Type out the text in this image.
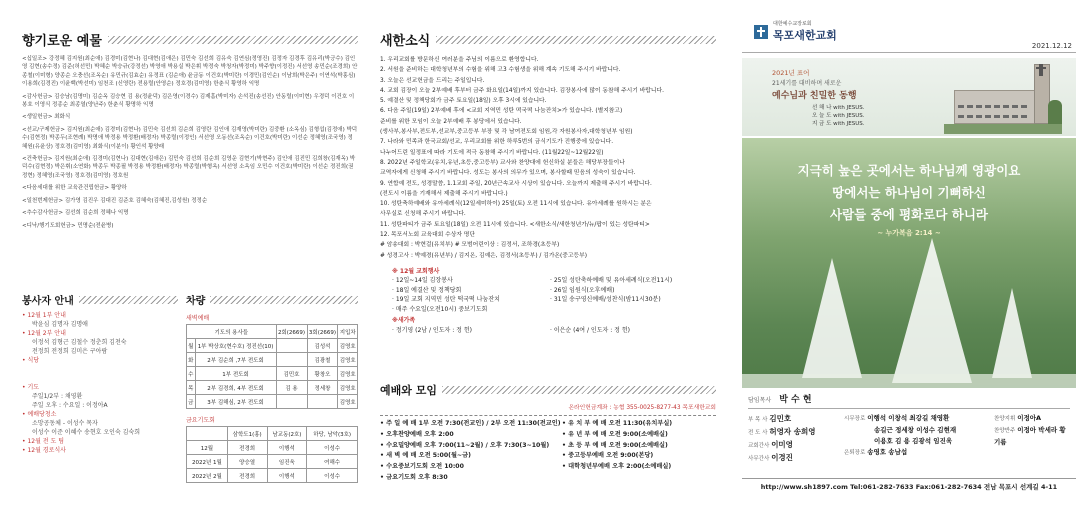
향기로운 예물

<십일조> 강정혜 김지원(최순애) 김경미(김현나) 김대현(김애은) 김민숙 김선희 김유숙 김연심(정영진) 김정자 김경후 김유리(박긍수) 김인영 김현(송수정) 김준(허선민) 박혜순 박승규(강정선) 박영애 박용실 박은휘 박정숙 박청자(박정미) 박주향(이정진) 서선영 송민순(조경희) 안종철(이미형) 양종순 오충선(조옥순) 유민규(김효순) 유정표 (김순애) 윤금동 이건호(박미란) 이경민(김인순) 이남희(박은주) 이연석(박홍심) 이용희(김경진) 이윤백(박선미) 임천조 (신영란) 전용렬(안영순) 정호경(김미영) 한춘식 황영하 익명

<감사헌금> 김승남(김명미) 김순옥 김승현 김 용(정윤덕) 김은영(이경수) 김제흠(박미자) 손석진(송선진) 안동렬(이미현) 우경덕 이건호 이봉호 이영식 정종순 최종열(양난주) 한춘식 황명하 익명

<생일헌금> 최화식

<선교/구제헌금> 김지원(최순애) 김경미(김현나) 김민숙 김선희 김순희 김영란 김인애 김재영(박미란) 김중환 (소옥심) 김형섭(김정애) 박덕수(김현정) 박종두(조현례) 박명애 박정용 박정환(배정자) 박종렬(이정인) 서선영 오동선(조옥순) 이건호(박미란) 이선순 정혜영(조국영) 정혜원(유윤상) 정호경(김미영) 최화식(이분이) 황인석 황양래

<건축헌금> 김지원(최순애) 김경미(김현나) 김대현(김애은) 김민숙 김선희 김순희 김영운 김현기(박현주) 김인애 김진민 김희창(김재옥) 박덕수(김현정) 박은휘(소연화) 박종두 박종필 박정용 박정환(배정자) 박종렬(박형옥) 서선영 소옥임 오민수 이건호(박미란) 이선순 정진희(권정현) 정혜영(조국영) 정호경(김미영) 정호원

<다음세대를 위한 교육관건립헌금> 황양하

<일천번제헌금> 김가영 김진우 김대진 김준호 김혜숙(김혜진,김성원) 정정순

<추수감사헌금> 김선희 김순희 정혜나 익명

<디낙/행기도회헌금> 민명순(전윤병)

봉사자 안내
• 12월 1부 안내
박윤심 김명자 김명애
• 12월 2부 안내
이정석 김형근 김철수 정춘희 김천숙
전정희 전정희 김미은 구아람
• 식당

• 기도
주일1/2부 : 채영환
주일 오후 : 수요일 : 이정아A
• 예배당청소
소망공동체 - 이성수 목자
이성수 이준 이혜수 송현호 오인숙 김숙희
• 12월 전 도 팀
• 12월 경로식사
차량
새벽예배
기도의 용사들		2회(2669)	3회(2669)	지입차
월	1부 박상호(현수호) 정진선(10)		김성석	김영호
화	2부 김순희 ,7부 전도회		김광철	김영호
수	1부 전도회	김민호	황창오	김영호
목	2부 김경희, 4부 전도회	김 용	정세창	김영호
금	3부 김해심, 2부 전도회			김영호
금요기도회
	삼학도1(홍)	남교동(2호)	하당, 남악(3호)
12월	전경희	이행석	이성수
2022년 1월	양승열	임진욱	여해수
2022년 2월	전경희	이행석	이성수
새한소식
1. 우리교회를 방문하신 여러분을 주님의 이름으로 환영합니다.
2. 서원을 준비하는 대학청년부의 수험을 위해 고3 수험생을 위해 계속 기도해 주시기 바랍니다.
3. 오늘은 선교헌금을 드리는 주일입니다.
4. 교회 김장이 오늘 2부예배 후부터 금주 화요일(14일)까지 있습니다. 김장봉사에 많이 동참해 주시기 바랍니다.
5. 예결산 및 정책당회가 금주 토요일(18일) 오후 3시에 있습니다.
6. 다음 주일(19일) 2부예배 후에 <교회 지역민 성탄 떡국떡 나눔잔치>가 있습니다. (별지참고)
준비를 위한 모임이 오늘 2부예배 후 봉당에서 있습니다.
(생사부,봉사부,전도부,선교부,중고등부 부장 및 각 남여전도회 임원,각 자원봉사자,대학청년부 임원)
7. 나라와 민족과 한국교회/선교, 우리교회를 위한 하루5번의 금식기도가 진행중에 있습니다.
나누어드린 일정표에 따라 기도에 적극 동참해 주시기 바랍니다. (11월22일~12월22일)
8. 2022년 주일학교(유치,유년,초등,중고등부) 교사와 찬양대에 헌신하실 분들은 해당부장들이나
교역자에게 신청해 주시기 바랍니다. 성도는 봉사의 의무가 있으며, 봉사할때 믿음의 성숙이 있습니다.
9. 연합예 전도, 성경말씀, 1.1교회 주일, 20년근속교사 시상이 있습니다. 오늘까지 제출해 주시기 바랍니다.
(전도시 이름을 기재해서 제출해 주시기 바랍니다.)
10. 성탄축하예배와 유아세례식(12일세미하이) 25일(토) 오전 11시에 있습니다. 유아세례를 원하시는 분은
사무실로 신청해 주시기 바랍니다.
11. 성탄파티가 금주 토요일(18일) 오전 11시에 있습니다. <새한소식/새한청년가/뉴/팝이 있는 성탄파티>
12. 목포서노회 교육대회 수상자 명단
# 암송대회 : 박현걸(유치부) # 모범어린이상 : 김정서, 조하경(초등부)
# 성경고사 : 박예경(유년부) / 김지온, 김예은, 김정서(초등부) / 김가온(중고등부)
※ 12월 교회행사
· 12일~14일 김장봉사
· 18일 예결산 및 정책당회
· 19일 교회 지역민 성탄 떡국떡 나눔잔치
· 매주 수요일(오전10시) 중보기도회
· 25일 성탄축하예배 및 유아세례식(오전11시)
· 26일 임원식(오후예배)
· 31일 송구영신예배/성찬식(밤11시30분)
※새가족
· 정기영 (2남 / 인도자 : 정 헌)	· 이은순 (4여 / 인도자 : 정 헌)
예배와 모임
온라인헌금계좌 : 농협 355-0025-8277-43 목포새한교회
• 주 일 예 배 1부 오전 7:30(전교인) / 2부 오전 11:30(전교인)
• 오후찬양예배 오후 2:00
• 수요밀양예배 오후 7:00(11~2월) / 오후 7:30(3~10월)
• 새 벽 예 배 오전 5:00(월~금)
• 수요중보기도회 오전 10:00
• 금요기도회 오후 8:30
• 유 치 부 예 배 오전 11:30(유치부실)
• 유 년 부 예 배 오전 9:00(소예배실)
• 초 등 부 예 배 오전 9:00(소예배실)
• 중고등부예배 오전 9:00(본당)
• 대학청년부예배 오후 2:00(소예배실)
대한예수교장로회
목포새한교회
2021.12.12
2021년 표어
21세기를 대비하며 새로운
예수님과 친밀한 동행
선 해 나 with JESUS.
오 늘 도 with JESUS.
지 금 도 with JESUS.
지극히 높은 곳에서는 하나님께 영광이요
땅에서는 하나님이 기뻐하신
사람들 중에 평화로다 하니라
~ 누가복음 2:14 ~
담임목사 박 수 현
부 목 사 김민호
전 도 사 허영자 송희영
교회간사 이미영
사무간사 이경진
시무장로 이행석 이창석 최강길 채영환
송길근 정세창 이성수 김현재
이용호 김 용 김광석 임진욱
은퇴장로 송영호 송남섭
찬양지휘 이정아A
찬양반주 이정아 박세라 황기름
http://www.sh1897.com Tel:061-282-7633 Fax:061-282-7634 전남 목포시 선계길 4-11
